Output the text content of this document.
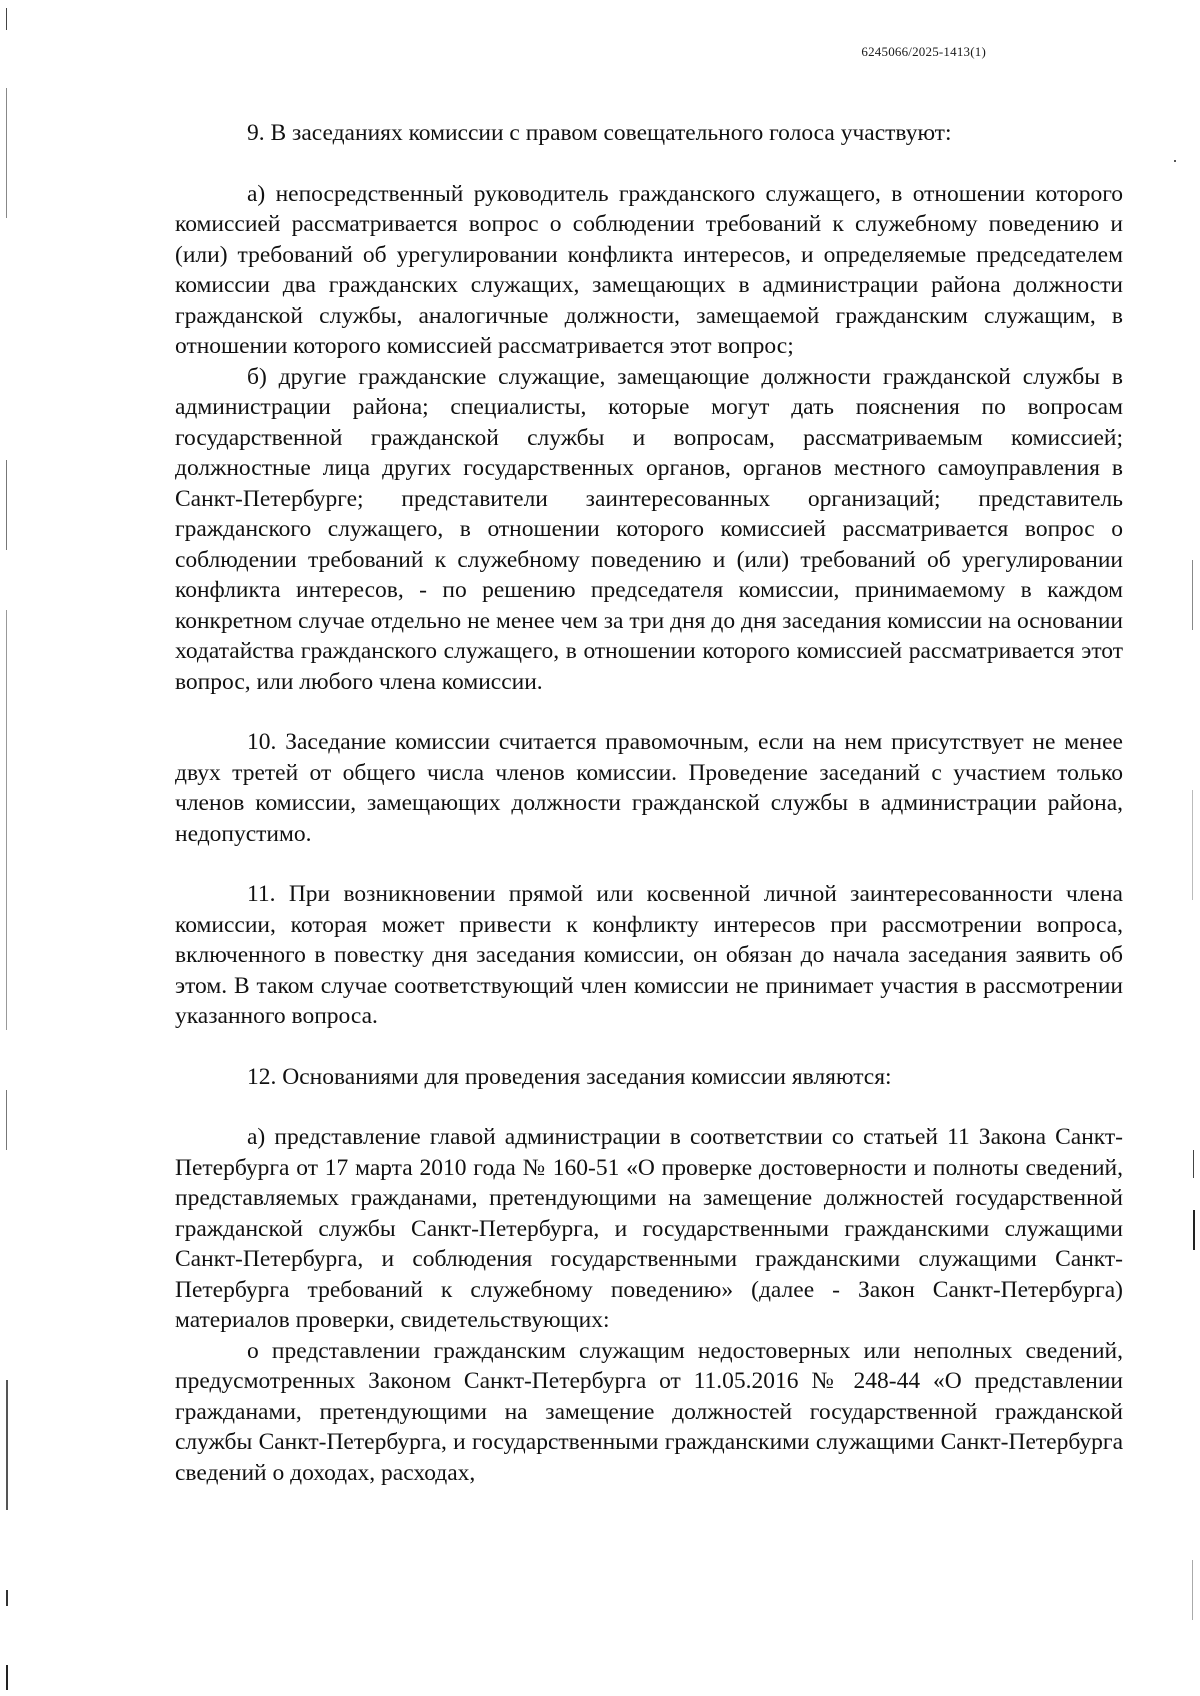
6245066/2025-1413(1)

9. В заседаниях комиссии с правом совещательного голоса участвуют:

а) непосредственный руководитель гражданского служащего, в отношении которого комиссией рассматривается вопрос о соблюдении требований к служебному поведению и (или) требований об урегулировании конфликта интересов, и определяемые председателем комиссии два гражданских служащих, замещающих в администрации района должности гражданской службы, аналогичные должности, замещаемой гражданским служащим, в отношении которого комиссией рассматривается этот вопрос;

б) другие гражданские служащие, замещающие должности гражданской службы в администрации района; специалисты, которые могут дать пояснения по вопросам государственной гражданской службы и вопросам, рассматриваемым комиссией; должностные лица других государственных органов, органов местного самоуправления в Санкт-Петербурге; представители заинтересованных организаций; представитель гражданского служащего, в отношении которого комиссией рассматривается вопрос о соблюдении требований к служебному поведению и (или) требований об урегулировании конфликта интересов, - по решению председателя комиссии, принимаемому в каждом конкретном случае отдельно не менее чем за три дня до дня заседания комиссии на основании ходатайства гражданского служащего, в отношении которого комиссией рассматривается этот вопрос, или любого члена комиссии.

10. Заседание комиссии считается правомочным, если на нем присутствует не менее двух третей от общего числа членов комиссии. Проведение заседаний с участием только членов комиссии, замещающих должности гражданской службы в администрации района, недопустимо.

11. При возникновении прямой или косвенной личной заинтересованности члена комиссии, которая может привести к конфликту интересов при рассмотрении вопроса, включенного в повестку дня заседания комиссии, он обязан до начала заседания заявить об этом. В таком случае соответствующий член комиссии не принимает участия в рассмотрении указанного вопроса.

12. Основаниями для проведения заседания комиссии являются:

а) представление главой администрации в соответствии со статьей 11 Закона Санкт-Петербурга от 17 марта 2010 года № 160-51 «О проверке достоверности и полноты сведений, представляемых гражданами, претендующими на замещение должностей государственной гражданской службы Санкт-Петербурга, и государственными гражданскими служащими Санкт-Петербурга, и соблюдения государственными гражданскими служащими Санкт-Петербурга требований к служебному поведению» (далее - Закон Санкт-Петербурга) материалов проверки, свидетельствующих:

о представлении гражданским служащим недостоверных или неполных сведений, предусмотренных Законом Санкт-Петербурга от 11.05.2016 № 248-44 «О представлении гражданами, претендующими на замещение должностей государственной гражданской службы Санкт-Петербурга, и государственными гражданскими служащими Санкт-Петербурга сведений о доходах, расходах,
